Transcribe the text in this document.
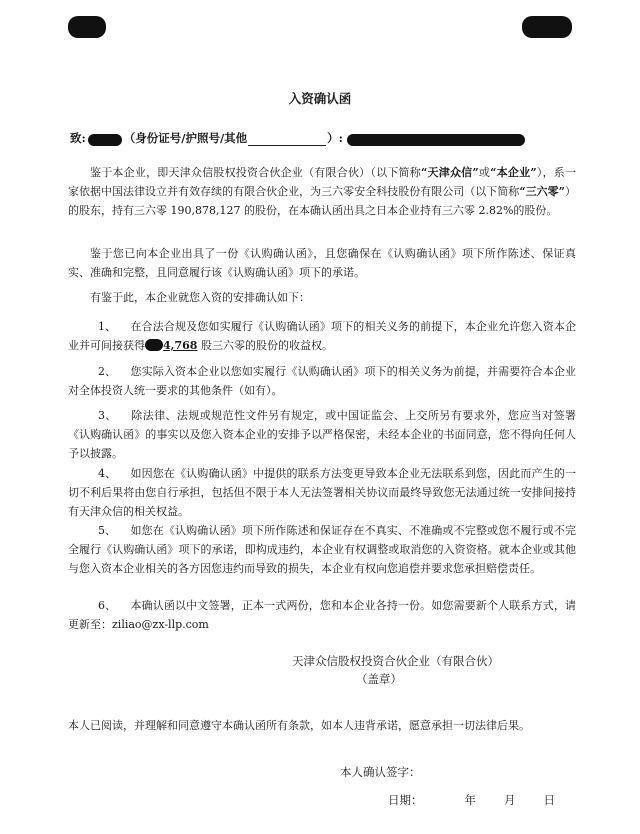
入资确认函
致:	（身份证号/护照号/其他	）:
鉴于本企业，即天津众信股权投资合伙企业（有限合伙）（以下简称“天津众信”或“本企业”），系一家依据中国法律设立并有效存续的有限合伙企业，为三六零安全科技股份有限公司（以下简称“三六零”）的股东，持有三六零 190,878,127 的股份，在本确认函出具之日本企业持有三六零 2.82%的股份。
鉴于您已向本企业出具了一份《认购确认函》，且您确保在《认购确认函》项下所作陈述、保证真实、准确和完整，且同意履行该《认购确认函》项下的承诺。
有鉴于此，本企业就您入资的安排确认如下：
1、 在合法合规及您如实履行《认购确认函》项下的相关义务的前提下，本企业允许您入资本企业并可间接获得 4,768 股三六零的股份的收益权。
2、 您实际入资本企业以您如实履行《认购确认函》项下的相关义务为前提，并需要符合本企业对全体投资人统一要求的其他条件（如有）。
3、 除法律、法规或规范性文件另有规定，或中国证监会、上交所另有要求外，您应当对签署《认购确认函》的事实以及您入资本企业的安排予以严格保密，未经本企业的书面同意，您不得向任何人予以披露。
4、 如因您在《认购确认函》中提供的联系方法变更导致本企业无法联系到您，因此而产生的一切不利后果将由您自行承担，包括但不限于本人无法签署相关协议而最终导致您无法通过统一安排间接持有天津众信的相关权益。
5、 如您在《认购确认函》项下所作陈述和保证存在不真实、不准确或不完整或您不履行或不完全履行《认购确认函》项下的承诺，即构成违约，本企业有权调整或取消您的入资资格。就本企业或其他与您入资本企业相关的各方因您违约而导致的损失，本企业有权向您追偿并要求您承担赔偿责任。
6、 本确认函以中文签署，正本一式两份，您和本企业各持一份。如您需要新个人联系方式，请更新至：ziliao@zx-llp.com
天津众信股权投资合伙企业（有限合伙）
（盖章）
本人已阅读，并理解和同意遵守本确认函所有条款，如本人违背承诺，愿意承担一切法律后果。
本人确认签字：
日期：	年 月 日
